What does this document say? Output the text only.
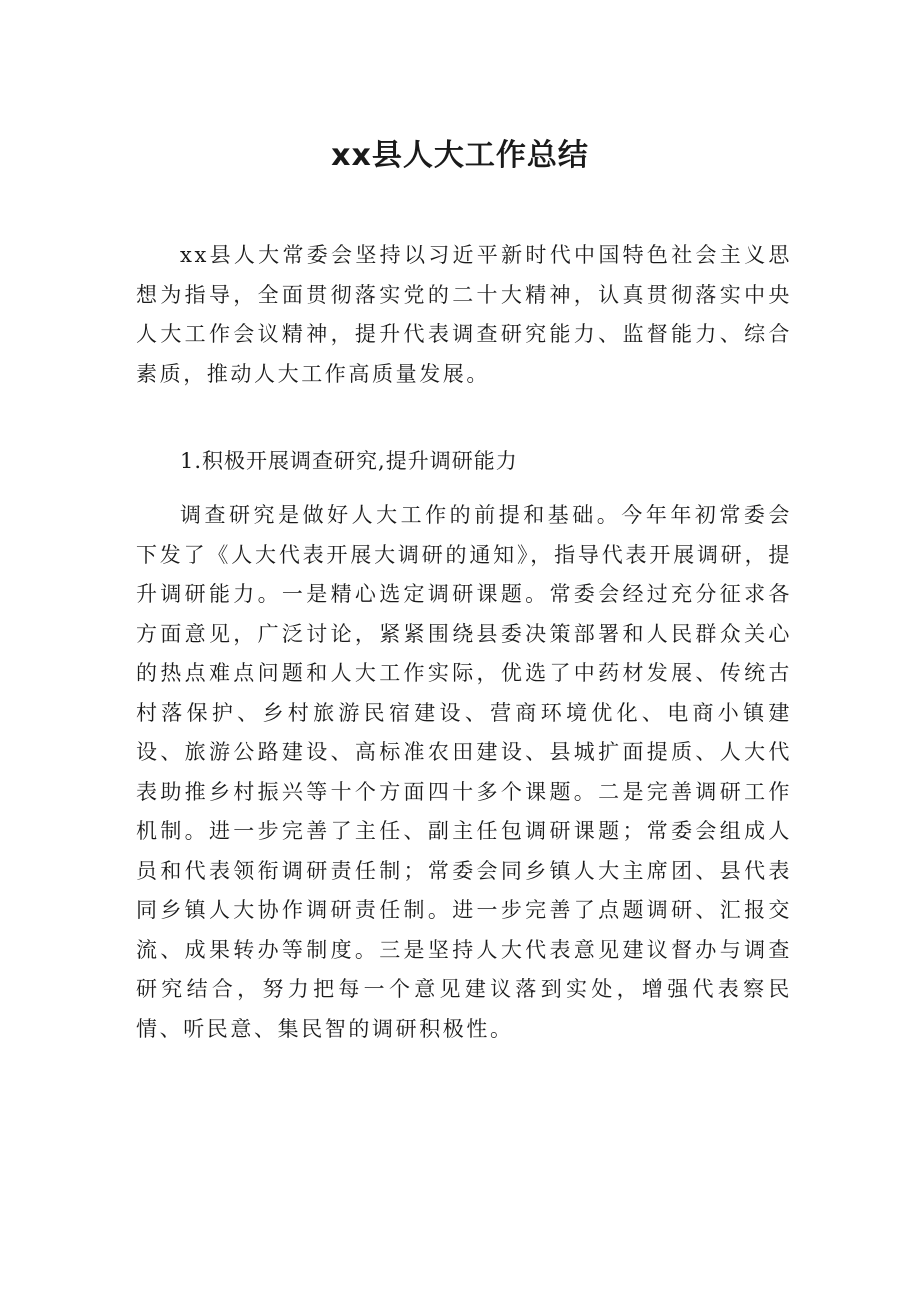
xx县人大工作总结

xx县人大常委会坚持以习近平新时代中国特色社会主义思想为指导，全面贯彻落实党的二十大精神，认真贯彻落实中央人大工作会议精神，提升代表调查研究能力、监督能力、综合素质，推动人大工作高质量发展。

1.积极开展调查研究,提升调研能力

调查研究是做好人大工作的前提和基础。今年年初常委会下发了《人大代表开展大调研的通知》，指导代表开展调研，提升调研能力。一是精心选定调研课题。常委会经过充分征求各方面意见，广泛讨论，紧紧围绕县委决策部署和人民群众关心的热点难点问题和人大工作实际，优选了中药材发展、传统古村落保护、乡村旅游民宿建设、营商环境优化、电商小镇建设、旅游公路建设、高标准农田建设、县城扩面提质、人大代表助推乡村振兴等十个方面四十多个课题。二是完善调研工作机制。进一步完善了主任、副主任包调研课题；常委会组成人员和代表领衔调研责任制；常委会同乡镇人大主席团、县代表同乡镇人大协作调研责任制。进一步完善了点题调研、汇报交流、成果转办等制度。三是坚持人大代表意见建议督办与调查研究结合，努力把每一个意见建议落到实处，增强代表察民情、听民意、集民智的调研积极性。
